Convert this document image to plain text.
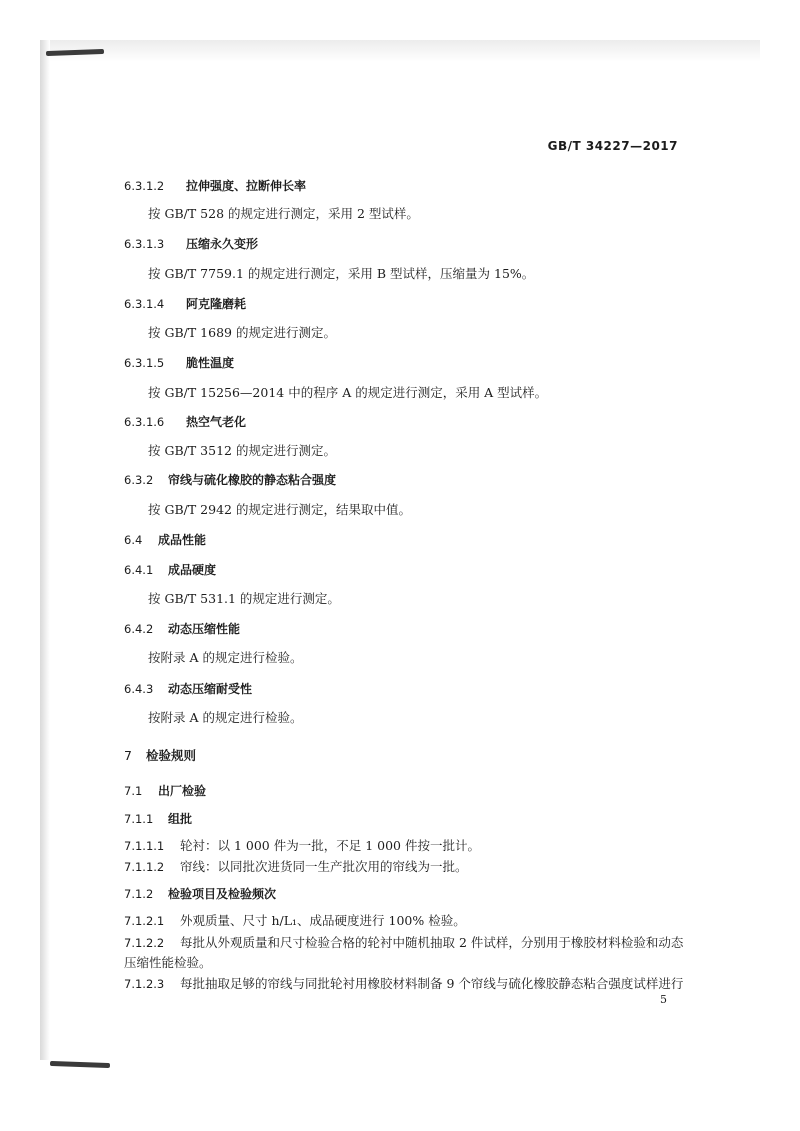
GB/T 34227—2017
6.3.1.2 拉伸强度、拉断伸长率
按 GB/T 528 的规定进行测定，采用 2 型试样。
6.3.1.3 压缩永久变形
按 GB/T 7759.1 的规定进行测定，采用 B 型试样，压缩量为 15%。
6.3.1.4 阿克隆磨耗
按 GB/T 1689 的规定进行测定。
6.3.1.5 脆性温度
按 GB/T 15256—2014 中的程序 A 的规定进行测定，采用 A 型试样。
6.3.1.6 热空气老化
按 GB/T 3512 的规定进行测定。
6.3.2 帘线与硫化橡胶的静态粘合强度
按 GB/T 2942 的规定进行测定，结果取中值。
6.4 成品性能
6.4.1 成品硬度
按 GB/T 531.1 的规定进行测定。
6.4.2 动态压缩性能
按附录 A 的规定进行检验。
6.4.3 动态压缩耐受性
按附录 A 的规定进行检验。
7 检验规则
7.1 出厂检验
7.1.1 组批
7.1.1.1 轮衬：以 1 000 件为一批，不足 1 000 件按一批计。
7.1.1.2 帘线：以同批次进货同一生产批次用的帘线为一批。
7.1.2 检验项目及检验频次
7.1.2.1 外观质量、尺寸 h/L₁、成品硬度进行 100% 检验。
7.1.2.2 每批从外观质量和尺寸检验合格的轮衬中随机抽取 2 件试样，分别用于橡胶材料检验和动态
压缩性能检验。
7.1.2.3 每批抽取足够的帘线与同批轮衬用橡胶材料制备 9 个帘线与硫化橡胶静态粘合强度试样进行
5
